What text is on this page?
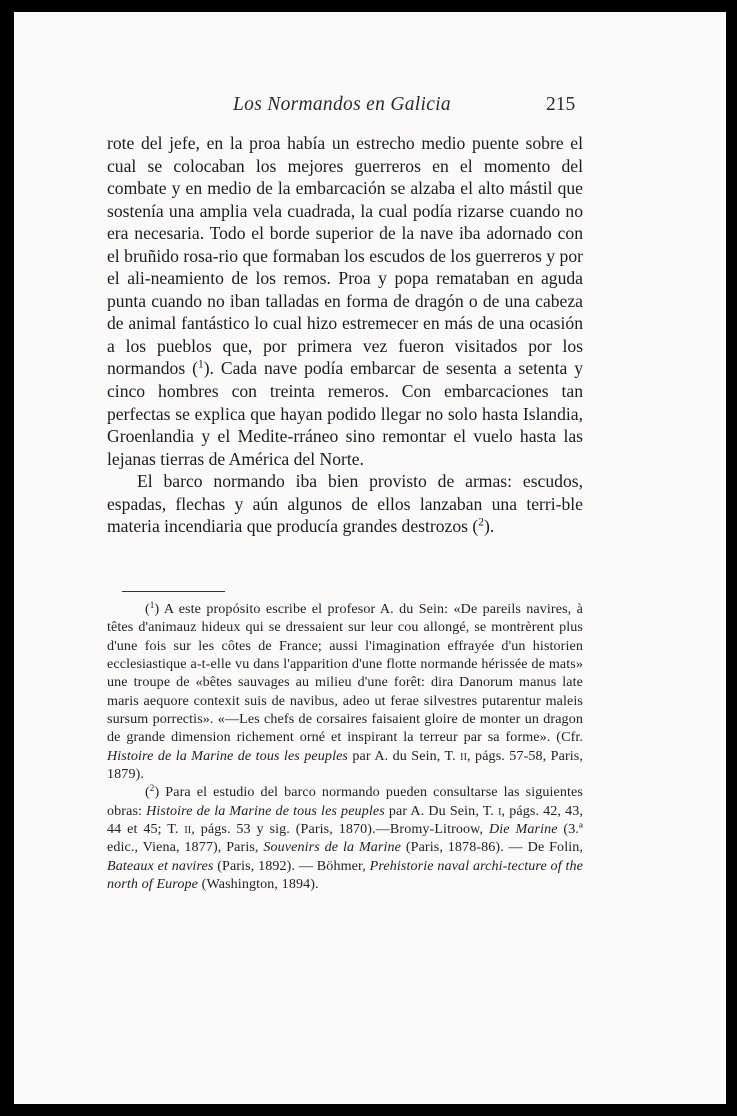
Los Normandos en Galicia	215

rote del jefe, en la proa había un estrecho medio puente sobre el cual se colocaban los mejores guerreros en el momento del combate y en medio de la embarcación se alzaba el alto mástil que sostenía una amplia vela cuadrada, la cual podía rizarse cuando no era necesaria. Todo el borde superior de la nave iba adornado con el bruñido rosa-rio que formaban los escudos de los guerreros y por el ali-neamiento de los remos. Proa y popa remataban en aguda punta cuando no iban talladas en forma de dragón o de una cabeza de animal fantástico lo cual hizo estremecer en más de una ocasión a los pueblos que, por primera vez fueron visitados por los normandos ($^1$). Cada nave podía embarcar de sesenta a setenta y cinco hombres con treinta remeros. Con embarcaciones tan perfectas se explica que hayan podido llegar no solo hasta Islandia, Groenlandia y el Medite-rráneo sino remontar el vuelo hasta las lejanas tierras de América del Norte.

El barco normando iba bien provisto de armas: escudos, espadas, flechas y aún algunos de ellos lanzaban una terri-ble materia incendiaria que producía grandes destrozos ($^2$).

($^1$) A este propósito escribe el profesor A. du Sein: «De pareils navires, à têtes d'animauz hideux qui se dressaient sur leur cou allongé, se montrèrent plus d'une fois sur les côtes de France; aussi l'imagination effrayée d'un historien ecclesiastique a-t-elle vu dans l'apparition d'une flotte normande hérissée de mats» une troupe de «bêtes sauvages au milieu d'une forêt: dira Danorum manus late maris aequore contexit suis de navibus, adeo ut ferae silvestres putarentur maleis sursum porrectis». «—Les chefs de corsaires faisaient gloire de monter un dragon de grande dimension richement orné et inspirant la terreur par sa forme». (Cfr. Histoire de la Marine de tous les peuples par A. du Sein, T. ii, págs. 57-58, Paris, 1879).

($^2$) Para el estudio del barco normando pueden consultarse las siguientes obras: Histoire de la Marine de tous les peuples par A. Du Sein, T. i, págs. 42, 43, 44 et 45; T. ii, págs. 53 y sig. (Paris, 1870).—Bromy-Litroow, Die Marine (3.ª edic., Viena, 1877), Paris, Souvenirs de la Marine (Paris, 1878-86). — De Folin, Bateaux et navires (Paris, 1892). — Böhmer, Prehistorie naval archi-tecture of the north of Europe (Washington, 1894).
